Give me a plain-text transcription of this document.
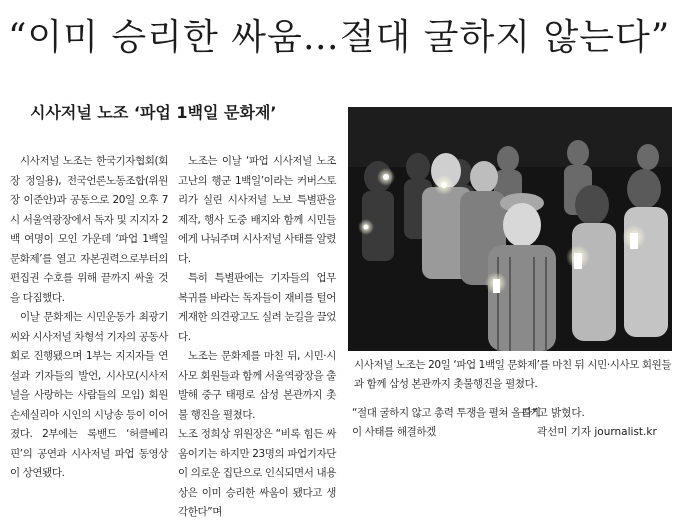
“이미 승리한 싸움…절대 굴하지 않는다”
시사저널 노조 ‘파업 1백일 문화제’

시사저널 노조는 한국기자협회(회장 정일용), 전국언론노동조합(위원장 이준안)과 공동으로 20일 오후 7시 서울역광장에서 독자 및 지지자 2백 여명이 모인 가운데 ‘파업 1백일 문화제’를 열고 자본권력으로부터의 편집권 수호를 위해 끝까지 싸울 것을 다짐했다.

이날 문화제는 시민운동가 최광기씨와 시사저널 차형석 기자의 공동사회로 진행됐으며 1부는 지지자들 연설과 기자들의 발언, 시사모(시사저널을 사랑하는 사람들의 모임) 회원 손세실리아 시인의 시낭송 등이 이어졌다. 2부에는 록밴드 ‘허클베리핀’의 공연과 시사저널 파업 동영상이 상연됐다.

노조는 이날 ‘파업 시사저널 노조 고난의 행군 1백일’이라는 커버스토리가 실린 시사저널 노보 특별판을 제작, 행사 도중 배지와 함께 시민들에게 나눠주며 시사저널 사태를 알렸다.

특히 특별판에는 기자들의 업무 복귀를 바라는 독자들이 재비를 털어 게재한 의견광고도 실려 눈길을 끌었다.

노조는 문화제를 마친 뒤, 시민·시사모 회원들과 함께 서울역광장을 출발해 중구 태평로 삼성 본관까지 촛불 행진을 펼쳤다.

노조 정희상 위원장은 “비록 힘든 싸움이기는 하지만 23명의 파업기자단이 의로운 집단으로 인식되면서 내용상은 이미 승리한 싸움이 됐다고 생각한다”며

시사저널 노조는 20일 ‘파업 1백일 문화제’를 마친 뒤 시민·시사모 회원들과 함께 삼성 본관까지 촛불행진을 펼쳤다.
“절대 굴하지 않고 총력 투쟁을 펼쳐 올곧게 이 사태를 해결하겠
다”고 밝혔다.
곽선미 기자 journalist.kr
